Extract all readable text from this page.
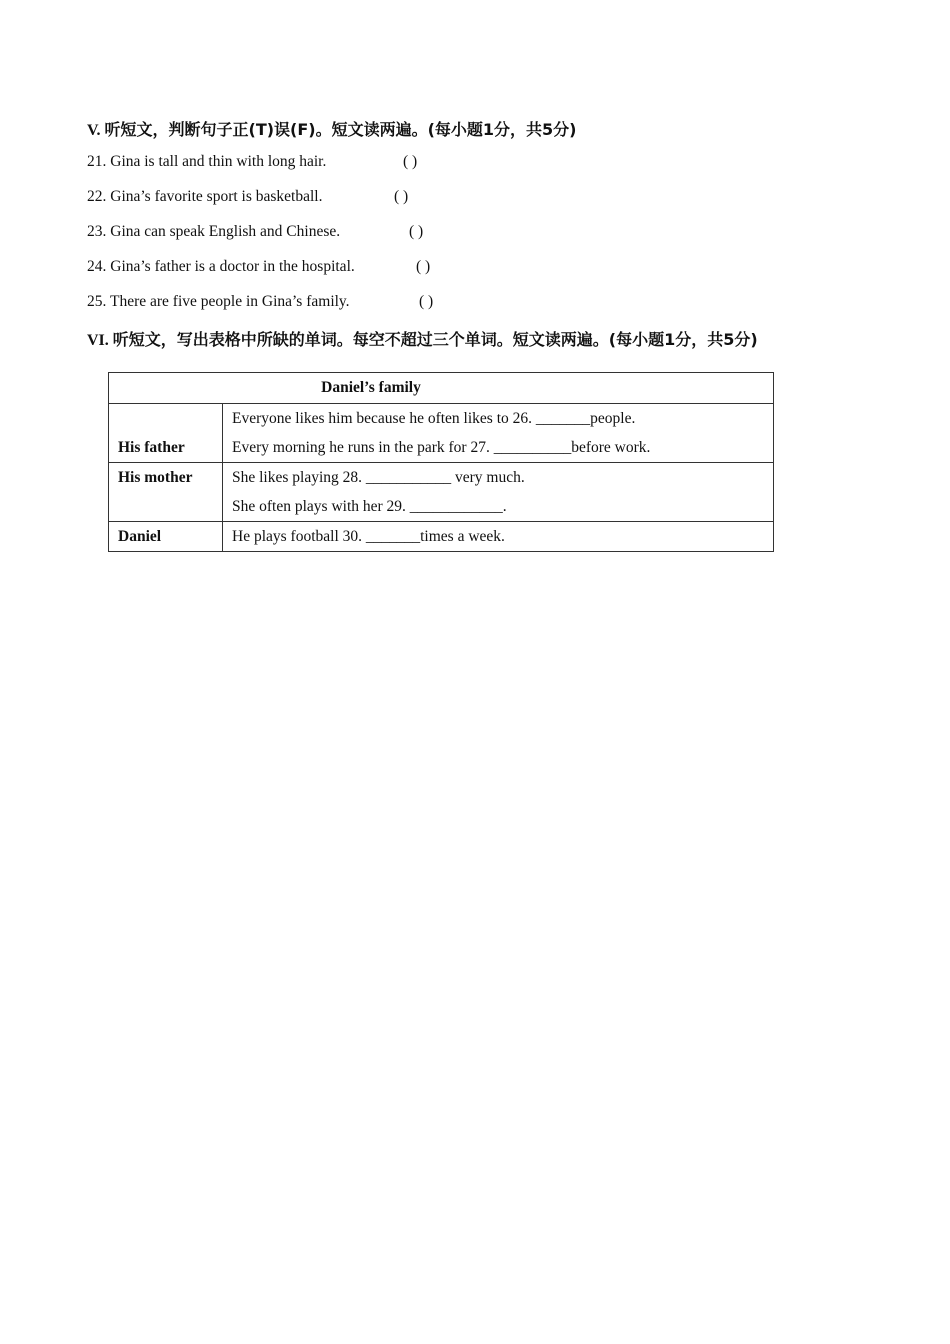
V. 听短文，判断句子正(T)误(F)。短文读两遍。(每小题1分，共5分)
21. Gina is tall and thin with long hair.	( )
22. Gina’s favorite sport is basketball.	( )
23. Gina can speak English and Chinese.	( )
24. Gina’s father is a doctor in the hospital.	( )
25. There are five people in Gina’s family.	( )
VI. 听短文，写出表格中所缺的单词。每空不超过三个单词。短文读两遍。(每小题1分，共5分)
Daniel’s family	

His father	Everyone likes him because he often likes to 26. _______people.
Every morning he runs in the park for 27. __________before work.

His mother	She likes playing 28. ___________ very much.
She often plays with her 29. ____________.

Daniel	He plays football 30. _______times a week.
